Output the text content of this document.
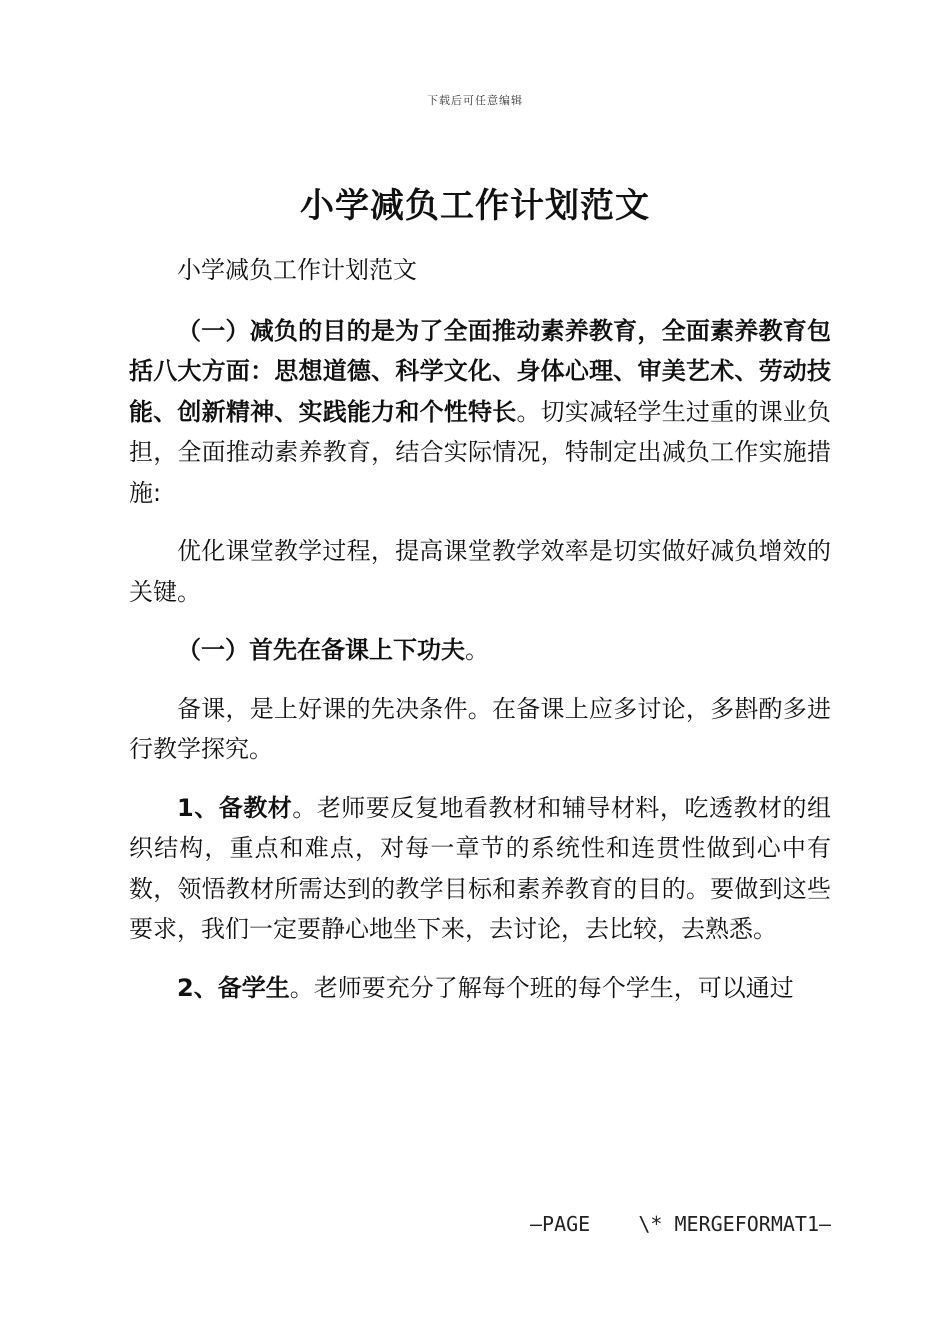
下载后可任意编辑
小学减负工作计划范文

小学减负工作计划范文

（一）减负的目的是为了全面推动素养教育，全面素养教育包括八大方面：思想道德、科学文化、身体心理、审美艺术、劳动技能、创新精神、实践能力和个性特长。切实减轻学生过重的课业负担，全面推动素养教育，结合实际情况，特制定出减负工作实施措施:

优化课堂教学过程，提高课堂教学效率是切实做好减负增效的关键。

（一）首先在备课上下功夫。

备课，是上好课的先决条件。在备课上应多讨论，多斟酌多进行教学探究。

1、备教材。老师要反复地看教材和辅导材料，吃透教材的组织结构，重点和难点，对每一章节的系统性和连贯性做到心中有数，领悟教材所需达到的教学目标和素养教育的目的。要做到这些要求，我们一定要静心地坐下来，去讨论，去比较，去熟悉。

2、备学生。老师要充分了解每个班的每个学生，可以通过

—PAGE    \* MERGEFORMAT1—
